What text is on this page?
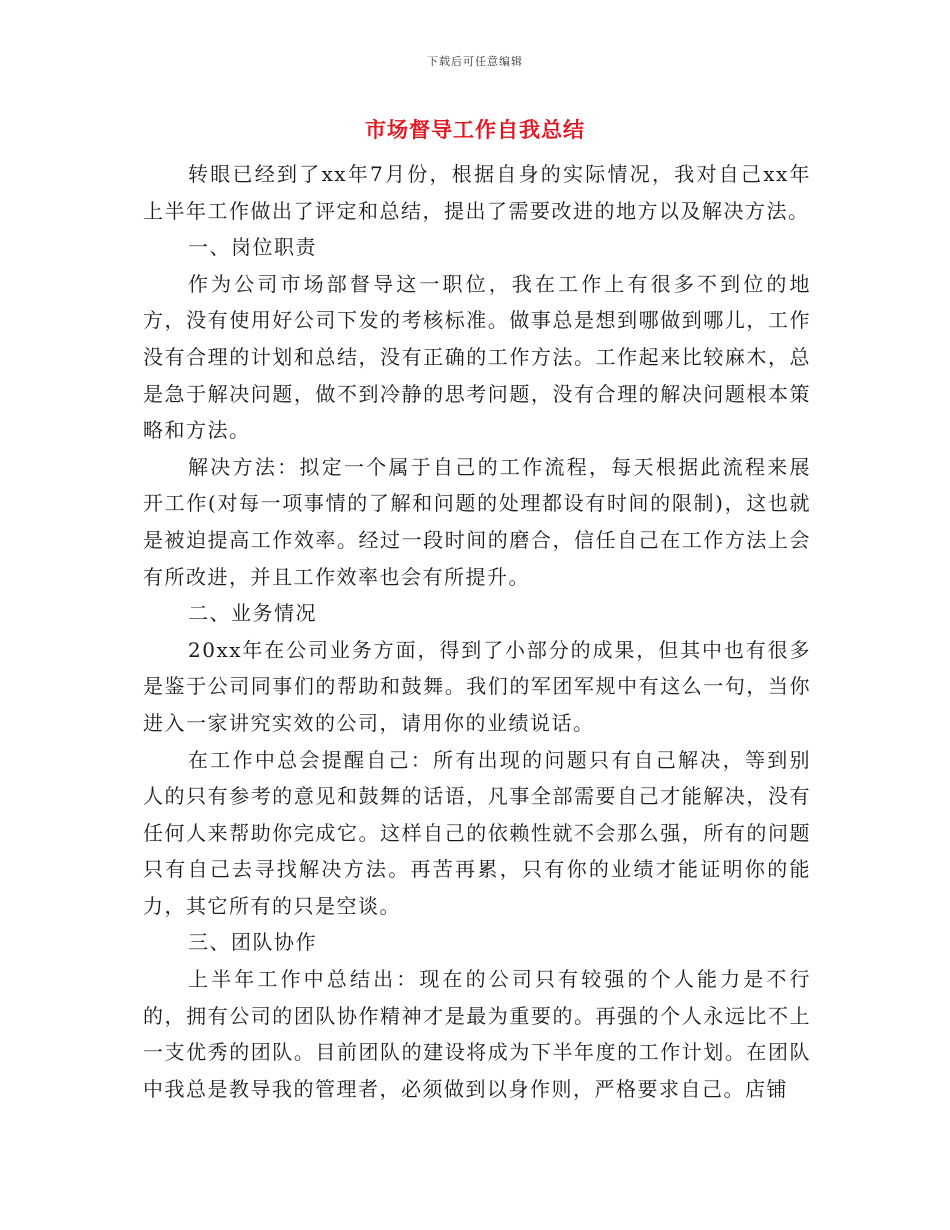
下载后可任意编辑
市场督导工作自我总结

转眼已经到了xx年7月份，根据自身的实际情况，我对自己xx年上半年工作做出了评定和总结，提出了需要改进的地方以及解决方法。

一、岗位职责

作为公司市场部督导这一职位，我在工作上有很多不到位的地方，没有使用好公司下发的考核标准。做事总是想到哪做到哪儿，工作没有合理的计划和总结，没有正确的工作方法。工作起来比较麻木，总是急于解决问题，做不到冷静的思考问题，没有合理的解决问题根本策略和方法。

解决方法：拟定一个属于自己的工作流程，每天根据此流程来展开工作(对每一项事情的了解和问题的处理都设有时间的限制)，这也就是被迫提高工作效率。经过一段时间的磨合，信任自己在工作方法上会有所改进，并且工作效率也会有所提升。

二、业务情况

20xx年在公司业务方面，得到了小部分的成果，但其中也有很多是鉴于公司同事们的帮助和鼓舞。我们的军团军规中有这么一句，当你进入一家讲究实效的公司，请用你的业绩说话。

在工作中总会提醒自己：所有出现的问题只有自己解决，等到别人的只有参考的意见和鼓舞的话语，凡事全部需要自己才能解决，没有任何人来帮助你完成它。这样自己的依赖性就不会那么强，所有的问题只有自己去寻找解决方法。再苦再累，只有你的业绩才能证明你的能力，其它所有的只是空谈。

三、团队协作

上半年工作中总结出：现在的公司只有较强的个人能力是不行的，拥有公司的团队协作精神才是最为重要的。再强的个人永远比不上一支优秀的团队。目前团队的建设将成为下半年度的工作计划。在团队中我总是教导我的管理者，必须做到以身作则，严格要求自己。店铺
